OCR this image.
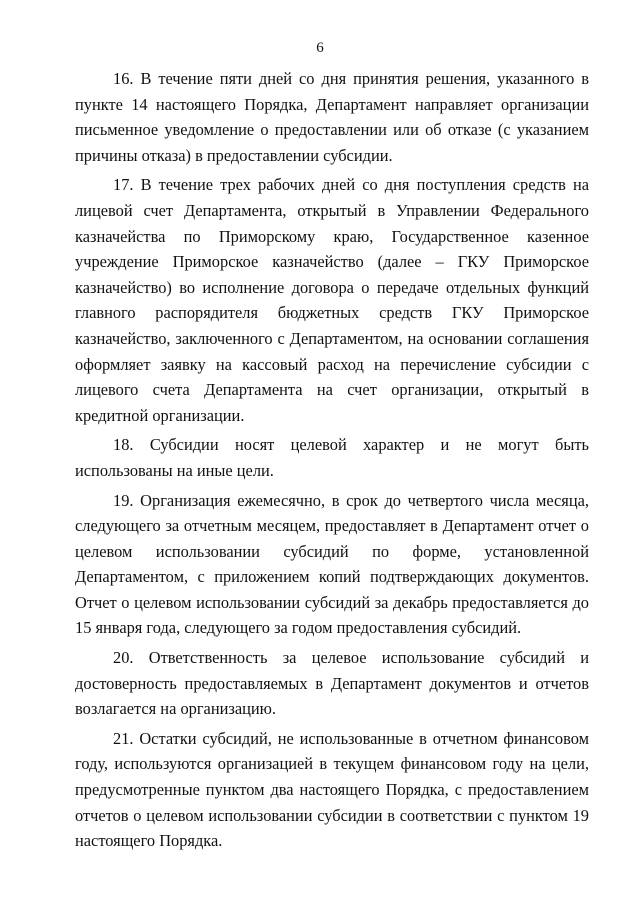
6

16. В течение пяти дней со дня принятия решения, указанного в пункте 14 настоящего Порядка, Департамент направляет организации письменное уведомление о предоставлении или об отказе (с указанием причины отказа) в предоставлении субсидии.

17. В течение трех рабочих дней со дня поступления средств на лицевой счет Департамента, открытый в Управлении Федерального казначейства по Приморскому краю, Государственное казенное учреждение Приморское казначейство (далее – ГКУ Приморское казначейство) во исполнение договора о передаче отдельных функций главного распорядителя бюджетных средств ГКУ Приморское казначейство, заключенного с Департаментом, на основании соглашения оформляет заявку на кассовый расход на перечисление субсидии с лицевого счета Департамента на счет организации, открытый в кредитной организации.

18. Субсидии носят целевой характер и не могут быть использованы на иные цели.

19. Организация ежемесячно, в срок до четвертого числа месяца, следующего за отчетным месяцем, предоставляет в Департамент отчет о целевом использовании субсидий по форме, установленной Департаментом, с приложением копий подтверждающих документов. Отчет о целевом использовании субсидий за декабрь предоставляется до 15 января года, следующего за годом предоставления субсидий.

20. Ответственность за целевое использование субсидий и достоверность предоставляемых в Департамент документов и отчетов возлагается на организацию.

21. Остатки субсидий, не использованные в отчетном финансовом году, используются организацией в текущем финансовом году на цели, предусмотренные пунктом два настоящего Порядка, с предоставлением отчетов о целевом использовании субсидии в соответствии с пунктом 19 настоящего Порядка.
